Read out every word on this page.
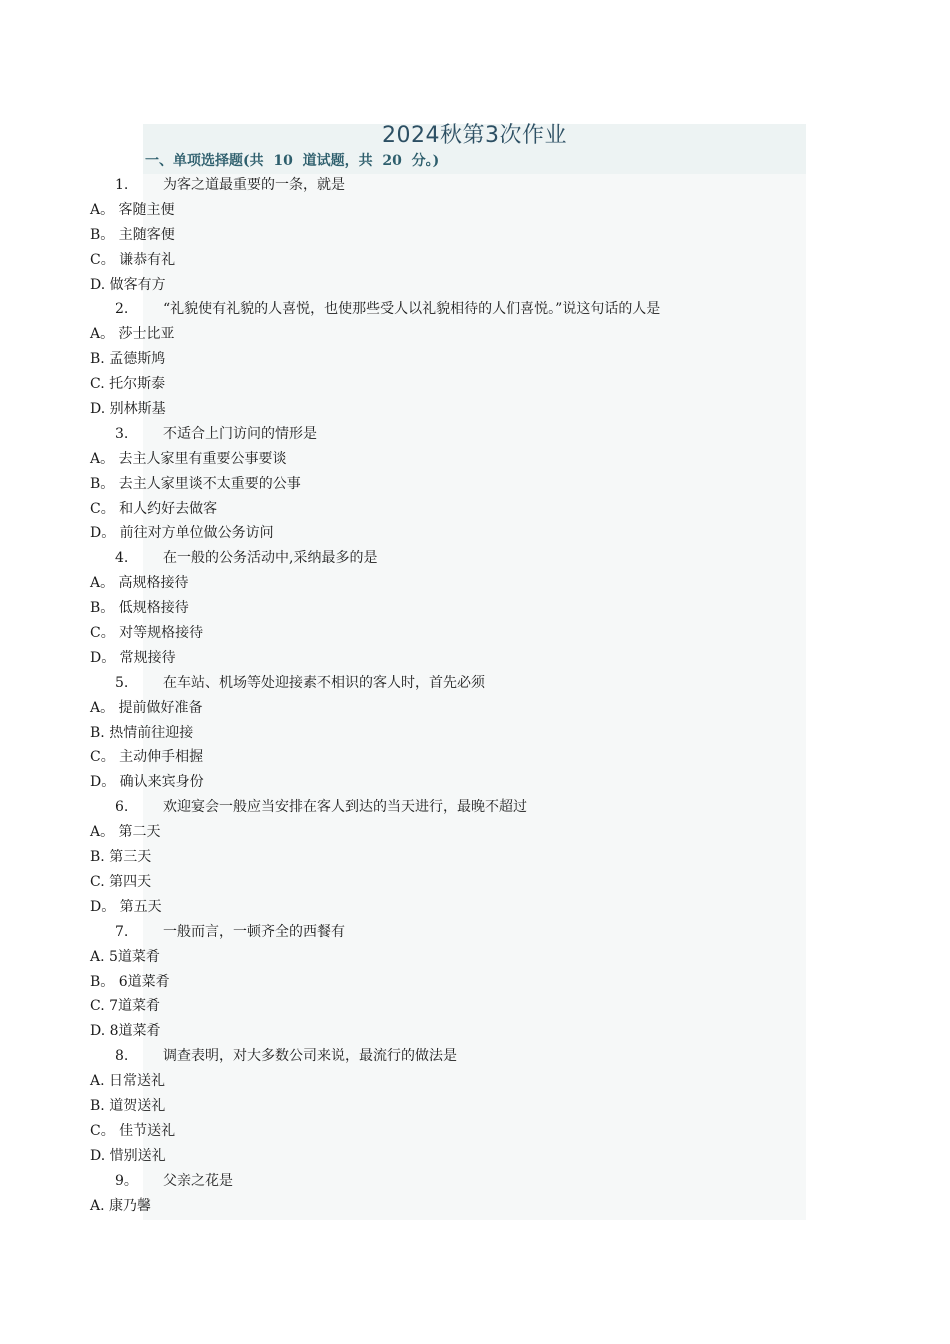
2024秋第3次作业
一、单项选择题(共  10  道试题，共  20  分。)
1. 为客之道最重要的一条，就是
A。 客随主便
B。 主随客便
C。 谦恭有礼
D. 做客有方
2. “礼貌使有礼貌的人喜悦，也使那些受人以礼貌相待的人们喜悦。”说这句话的人是
A。 莎士比亚
B. 孟德斯鸠
C. 托尔斯泰
D. 别林斯基
3. 不适合上门访问的情形是
A。 去主人家里有重要公事要谈
B。 去主人家里谈不太重要的公事
C。 和人约好去做客
D。 前往对方单位做公务访问
4. 在一般的公务活动中,采纳最多的是
A。 高规格接待
B。 低规格接待
C。 对等规格接待
D。 常规接待
5. 在车站、机场等处迎接素不相识的客人时，首先必须
A。 提前做好准备
B. 热情前往迎接
C。 主动伸手相握
D。 确认来宾身份
6. 欢迎宴会一般应当安排在客人到达的当天进行，最晚不超过
A。 第二天
B. 第三天
C. 第四天
D。 第五天
7. 一般而言，一顿齐全的西餐有
A. 5道菜肴
B。 6道菜肴
C. 7道菜肴
D. 8道菜肴
8. 调查表明，对大多数公司来说，最流行的做法是
A. 日常送礼
B. 道贺送礼
C。 佳节送礼
D. 惜别送礼
9。 父亲之花是
A. 康乃馨
